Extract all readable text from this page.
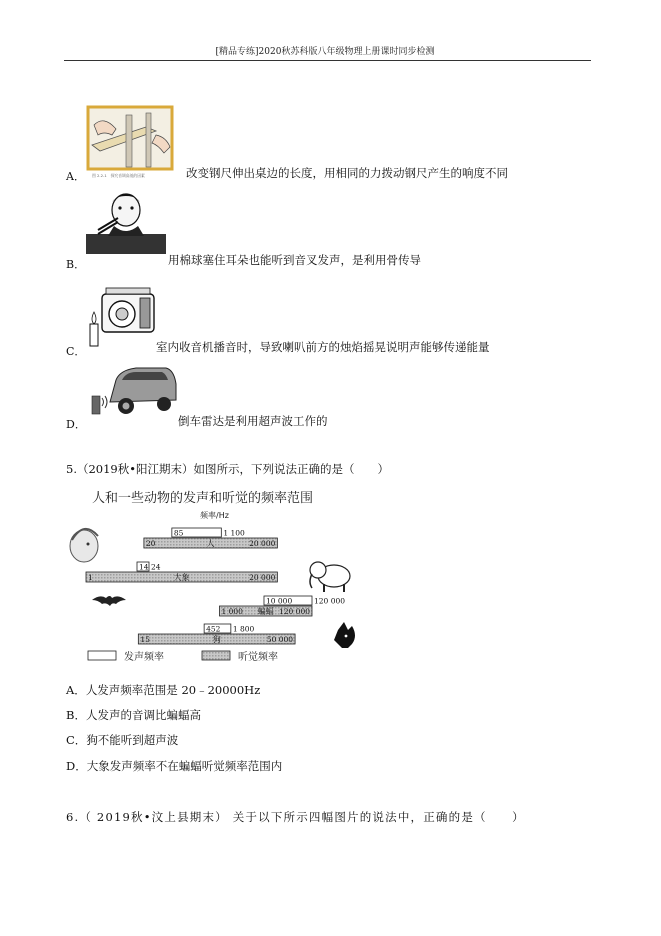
[精品专练]2020秋苏科版八年级物理上册课时同步检测
图 2.2-1　探究音调高低的因素
A．	改变钢尺伸出桌边的长度，用相同的力拨动钢尺产生的响度不同
B．	用棉球塞住耳朵也能听到音叉发声，是利用骨传导
C．	室内收音机播音时，导致喇叭前方的烛焰摇晃说明声能够传递能量
D．	倒车雷达是利用超声波工作的
5.（2019秋•阳江期末）如图所示，下列说法正确的是（　　）
人和一些动物的发声和听觉的频率范围
频率/Hz
85	1 100
20	20 000
人
14 24
1	20 000
大象
10 000	120 000
1 000	120 000
蝙蝠
452 1 800
15	50 000
狗
发声频率	听觉频率
A．人发声频率范围是 20﹣20000Hz
B．人发声的音调比蝙蝠高
C．狗不能听到超声波
D．大象发声频率不在蝙蝠听觉频率范围内
6.（ 2019秋•汶上县期末） 关于以下所示四幅图片的说法中，正确的是（　　）
